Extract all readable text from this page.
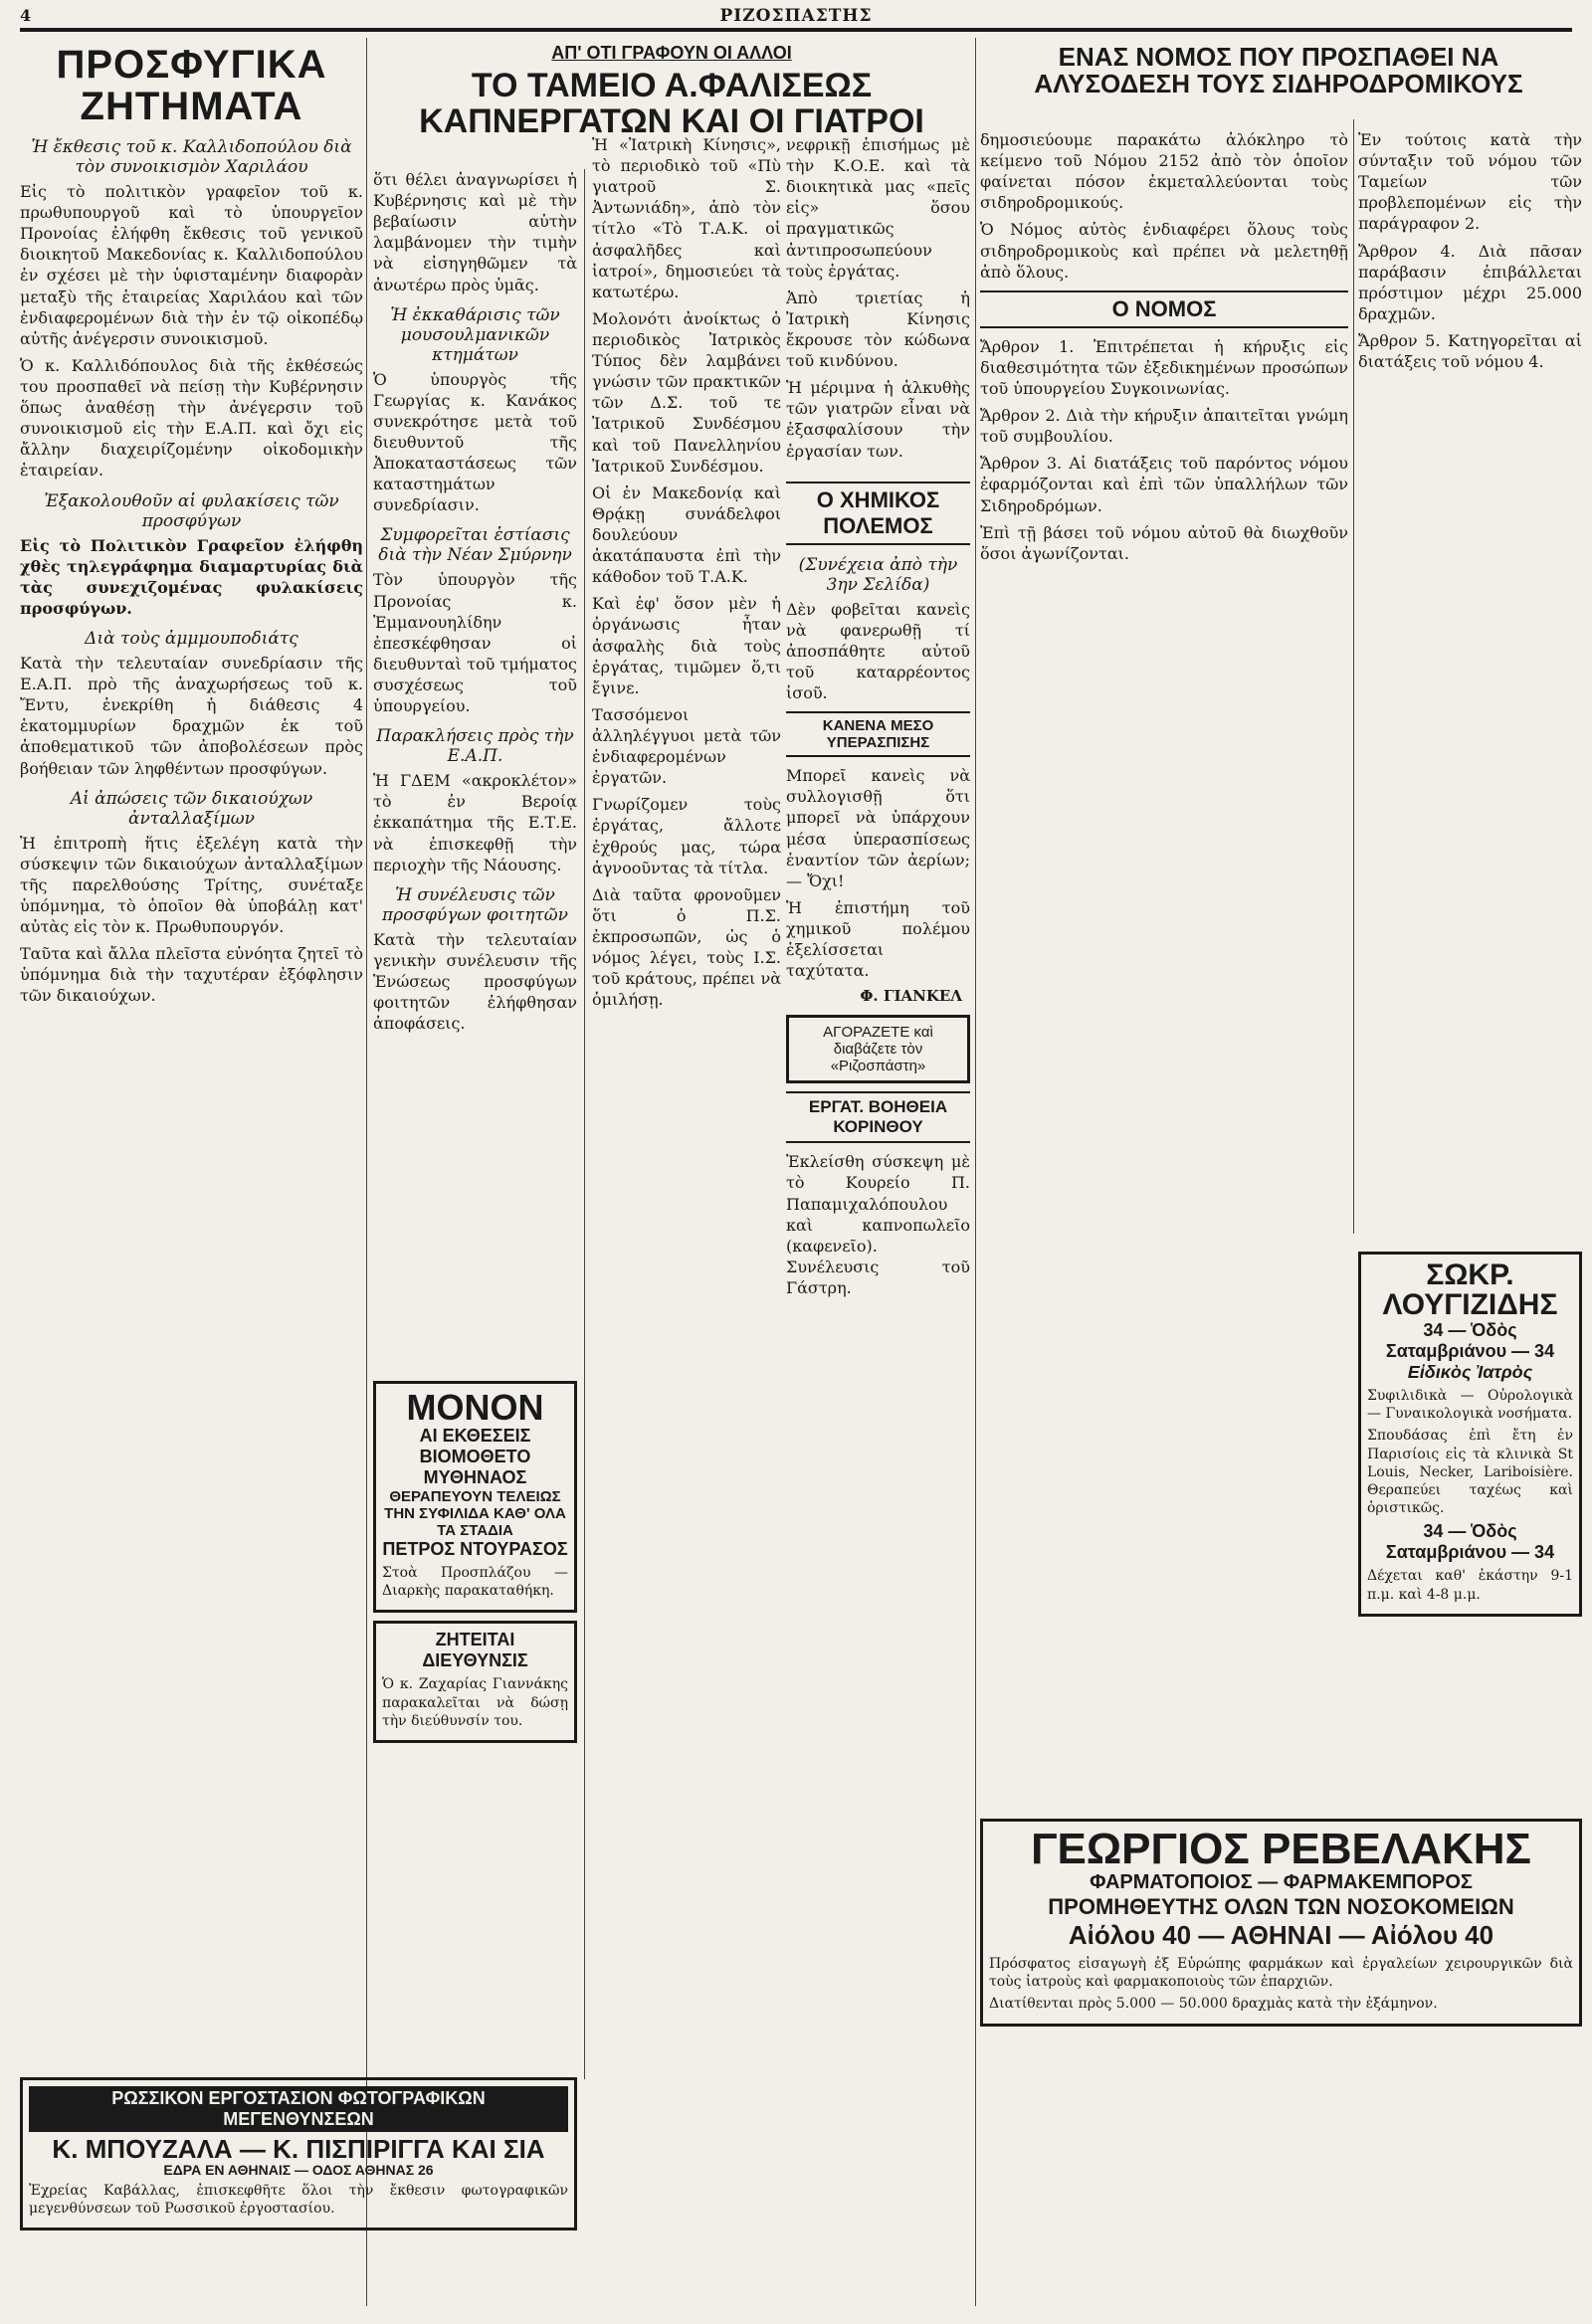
4	ΡΙΖΟΣΠΑΣΤΗΣ
ΠΡΟΣΦΥΓΙΚΑ ΖΗΤΗΜΑΤΑ
Ἡ ἔκθεσις τοῦ κ. Καλλιδοπούλου διὰ τὸν συνοικισμὸν Χαριλάου

Εἰς τὸ πολιτικὸν γραφεῖον τοῦ κ. πρωθυπουργοῦ καὶ τὸ ὑπουργεῖον Προνοίας ἐλήφθη ἔκθεσις τοῦ γενικοῦ διοικητοῦ Μακεδονίας κ. Καλλιδοπούλου ἐν σχέσει μὲ τὴν ὑφισταμένην διαφορὰν μεταξὺ τῆς ἑταιρείας Χαριλάου καὶ τῶν ἐνδιαφερομένων διὰ τὴν ἐν τῷ οἰκοπέδῳ αὐτῆς ἀνέγερσιν συνοικισμοῦ.

Ὁ κ. Καλλιδόπουλος διὰ τῆς ἐκθέσεώς του προσπαθεῖ νὰ πείσῃ τὴν Κυβέρνησιν ὅπως ἀναθέσῃ τὴν ἀνέγερσιν τοῦ συνοικισμοῦ εἰς τὴν Ε.Α.Π. καὶ ὄχι εἰς ἄλλην διαχειρίζομένην οἰκοδομικὴν ἑταιρείαν.

Ἐξακολουθοῦν αἱ φυλακίσεις τῶν προσφύγων

Εἰς τὸ Πολιτικὸν Γραφεῖον ἐλήφθη χθὲς τηλεγράφημα διαμαρτυρίας διὰ τὰς συνεχιζομένας φυλακίσεις προσφύγων.

Διὰ τοὺς ἀμμμουποδιάτς

Κατὰ τὴν τελευταίαν συνεδρίασιν τῆς Ε.Α.Π. πρὸ τῆς ἀναχωρήσεως τοῦ κ. Ἔντυ, ἐνεκρίθη ἡ διάθεσις 4 ἑκατομμυρίων δραχμῶν ἐκ τοῦ ἀποθεματικοῦ τῶν ἀποβολέσεων πρὸς βοήθειαν τῶν ληφθέντων προσφύγων.

Αἱ ἀπώσεις τῶν δικαιούχων ἀνταλλαξίμων

Ἡ ἐπιτροπὴ ἥτις ἐξελέγη κατὰ τὴν σύσκεψιν τῶν δικαιούχων ἀνταλλαξίμων τῆς παρελθούσης Τρίτης, συνέταξε ὑπόμνημα, τὸ ὁποῖον θὰ ὑποβάλῃ κατ' αὐτὰς εἰς τὸν κ. Πρωθυπουργόν.

Ταῦτα καὶ ἄλλα πλεῖστα εὐνόητα ζητεῖ τὸ ὑπόμνημα διὰ τὴν ταχυτέραν ἐξόφλησιν τῶν δικαιούχων.

ὅτι θέλει ἀναγνωρίσει ἡ Κυβέρνησις καὶ μὲ τὴν βεβαίωσιν αὐτὴν λαμβάνομεν τὴν τιμὴν νὰ εἰσηγηθῶμεν τὰ ἀνωτέρω πρὸς ὑμᾶς.

Ἡ ἐκκαθάρισις τῶν μουσουλμανικῶν κτημάτων

Ὁ ὑπουργὸς τῆς Γεωργίας κ. Κανάκος συνεκρότησε μετὰ τοῦ διευθυντοῦ τῆς Ἀποκαταστάσεως τῶν καταστημάτων συνεδρίασιν.

Συμφορεῖται ἑστίασις διὰ τὴν Νέαν Σμύρνην

Τὸν ὑπουργὸν τῆς Προνοίας κ. Ἐμμανουηλίδην ἐπεσκέφθησαν οἱ διευθυνταὶ τοῦ τμήματος συσχέσεως τοῦ ὑπουργείου.

Παρακλήσεις πρὸς τὴν Ε.Α.Π.

Ἡ ΓΔΕΜ «ακροκλέτον» τὸ ἐν Βεροίᾳ ἐκκαπάτημα τῆς Ε.Τ.Ε. νὰ ἐπισκεφθῇ τὴν περιοχὴν τῆς Νάουσης.

Ἡ συνέλευσις τῶν προσφύγων φοιτητῶν

Κατὰ τὴν τελευταίαν γενικὴν συνέλευσιν τῆς Ἑνώσεως προσφύγων φοιτητῶν ἐλήφθησαν ἀποφάσεις.

ΜΟΝΟΝ
ΑΙ ΕΚΘΕΣΕΙΣ ΒΙΟΜΟΘΕΤΟ ΜΥΘΗΝΑΟΣ
ΘΕΡΑΠΕΥΟΥΝ ΤΕΛΕΙΩΣ ΤΗΝ ΣΥΦΙΛΙΔΑ ΚΑΘ' ΟΛΑ ΤΑ ΣΤΑΔΙΑ
ΠΕΤΡΟΣ ΝΤΟΥΡΑΣΟΣ

Στοὰ Προσπλάζου — Διαρκὴς παρακαταθήκη.

ΖΗΤΕΙΤΑΙ ΔΙΕΥΘΥΝΣΙΣ

Ὁ κ. Ζαχαρίας Γιαννάκης παρακαλεῖται νὰ δώσῃ τὴν διεύθυνσίν του.

ΡΩΣΣΙΚΟΝ ΕΡΓΟΣΤΑΣΙΟΝ ΦΩΤΟΓΡΑΦΙΚΩΝ ΜΕΓΕΝΘΥΝΣΕΩΝ
Κ. ΜΠΟΥΖΑΛΑ — Κ. ΠΙΣΠΙΡΙΓΓΑ ΚΑΙ ΣΙΑ
ΕΔΡΑ ΕΝ ΑΘΗΝΑΙΣ — ΟΔΟΣ ΑΘΗΝΑΣ 26

Ἐχρείας Καβάλλας, ἐπισκεφθῆτε ὅλοι τὴν ἔκθεσιν φωτογραφικῶν μεγενθύνσεων τοῦ Ρωσσικοῦ ἐργοστασίου.

ΑΠ' ΟΤΙ ΓΡΑΦΟΥΝ ΟΙ ΑΛΛΟΙ
ΤΟ ΤΑΜΕΙΟ Α.ΦΑΛΙΣΕΩΣ ΚΑΠΝΕΡΓΑΤΩΝ ΚΑΙ ΟΙ ΓΙΑΤΡΟΙ

Ἡ «Ἰατρικὴ Κίνησις», τὸ περιοδικὸ τοῦ «Πὺ γιατροῦ Σ. Ἀντωνιάδη», ἀπὸ τὸν τίτλο «Τὸ Τ.Α.Κ. οἱ ἀσφαλῆδες καὶ ἰατροί», δημοσιεύει τὰ κατωτέρω.

Μολονότι ἀνοίκτως ὁ περιοδικὸς Ἰατρικὸς Τύπος δὲν λαμβάνει γνώσιν τῶν πρακτικῶν τῶν Δ.Σ. τοῦ τε Ἰατρικοῦ Συνδέσμου καὶ τοῦ Πανελληνίου Ἰατρικοῦ Συνδέσμου.

Οἱ ἐν Μακεδονίᾳ καὶ Θρᾴκῃ συνάδελφοι δουλεύουν ἀκατάπαυστα ἐπὶ τὴν κάθοδον τοῦ Τ.Α.Κ.

Καὶ ἐφ' ὅσον μὲν ἡ ὀργάνωσις ἦταν ἀσφαλὴς διὰ τοὺς ἐργάτας, τιμῶμεν ὅ,τι ἔγινε.

Τασσόμενοι ἀλληλέγγυοι μετὰ τῶν ἐνδιαφερομένων ἐργατῶν.

Γνωρίζομεν τοὺς ἐργάτας, ἄλλοτε ἐχθρούς μας, τώρα ἀγνοοῦντας τὰ τίτλα.

Διὰ ταῦτα φρονοῦμεν ὅτι ὁ Π.Σ. ἐκπροσωπῶν, ὡς ὁ νόμος λέγει, τοὺς Ι.Σ. τοῦ κράτους, πρέπει νὰ ὁμιλήσῃ.

νεφρικῇ ἐπισήμως μὲ τὴν Κ.Ο.Ε. καὶ τὰ διοικητικὰ μας «πεῖς εἰς» ὅσου πραγματικῶς ἀντιπροσωπεύουν τοὺς ἐργάτας.

Ἀπὸ τριετίας ἡ Ἰατρικὴ Κίνησις ἔκρουσε τὸν κώδωνα τοῦ κινδύνου.

Ἡ μέριμνα ἡ ἀλκυθὴς τῶν γιατρῶν εἶναι νὰ ἐξασφαλίσουν τὴν ἐργασίαν των.

Ο ΧΗΜΙΚΟΣ ΠΟΛΕΜΟΣ
(Συνέχεια ἀπὸ τὴν 3ην Σελίδα)

Δὲν φοβεῖται κανεὶς νὰ φανερωθῇ τί ἀποσπάθητε αὐτοῦ τοῦ καταρρέοντος ἰσοῦ.

ΚΑΝΕΝΑ ΜΕΣΟ ΥΠΕΡΑΣΠΙΣΗΣ

Μπορεῖ κανεὶς νὰ συλλογισθῇ ὅτι μπορεῖ νὰ ὑπάρχουν μέσα ὑπερασπίσεως ἐναντίον τῶν ἀερίων; — Ὄχι!

Ἡ ἐπιστήμη τοῦ χημικοῦ πολέμου ἐξελίσσεται ταχύτατα.

Φ. ΓΙΑΝΚΕΛ
ΑΓΟΡΑΖΕΤΕ καὶ διαβάζετε τὸν «Ριζοσπάστη»
ΕΡΓΑΤ. ΒΟΗΘΕΙΑ ΚΟΡΙΝΘΟΥ

Ἐκλείσθη σύσκεψη μὲ τὸ Κουρείο Π. Παπαμιχαλόπουλου καὶ καπνοπωλεῖο (καφενεῖο). Συνέλευσις τοῦ Γάστρη.

ΕΝΑΣ ΝΟΜΟΣ ΠΟΥ ΠΡΟΣΠΑΘΕΙ ΝΑ ΑΛΥΣΟΔΕΣΗ ΤΟΥΣ ΣΙΔΗΡΟΔΡΟΜΙΚΟΥΣ

δημοσιεύουμε παρακάτω ἀλόκληρο τὸ κείμενο τοῦ Νόμου 2152 ἀπὸ τὸν ὁποῖον φαίνεται πόσον ἐκμεταλλεύονται τοὺς σιδηροδρομικούς.

Ὁ Νόμος αὐτὸς ἐνδιαφέρει ὅλους τοὺς σιδηροδρομικοὺς καὶ πρέπει νὰ μελετηθῇ ἀπὸ ὅλους.

Ο ΝΟΜΟΣ

Ἄρθρον 1. Ἐπιτρέπεται ἡ κήρυξις εἰς διαθεσιμότητα τῶν ἐξεδικημένων προσώπων τοῦ ὑπουργείου Συγκοινωνίας.

Ἄρθρον 2. Διὰ τὴν κήρυξιν ἀπαιτεῖται γνώμη τοῦ συμβουλίου.

Ἄρθρον 3. Αἱ διατάξεις τοῦ παρόντος νόμου ἐφαρμόζονται καὶ ἐπὶ τῶν ὑπαλλήλων τῶν Σιδηροδρόμων.

Ἐπὶ τῇ βάσει τοῦ νόμου αὐτοῦ θὰ διωχθοῦν ὅσοι ἀγωνίζονται.

Ἐν τούτοις κατὰ τὴν σύνταξιν τοῦ νόμου τῶν Ταμείων τῶν προβλεπομένων εἰς τὴν παράγραφον 2.

Ἄρθρον 4. Διὰ πᾶσαν παράβασιν ἐπιβάλλεται πρόστιμον μέχρι 25.000 δραχμῶν.

Ἄρθρον 5. Κατηγορεῖται αἱ διατάξεις τοῦ νόμου 4.

ΣΩΚΡ. ΛΟΥΓΙΖΙΔΗΣ
34 — Ὁδὸς Σαταμβριάνου — 34
Εἰδικὸς Ἰατρὸς

Συφιλιδικὰ — Οὐρολογικὰ — Γυναικολογικὰ νοσήματα.

Σπουδάσας ἐπὶ ἔτη ἐν Παρισίοις εἰς τὰ κλινικὰ St Louis, Necker, Lariboisière. Θεραπεύει ταχέως καὶ ὁριστικῶς.

34 — Ὁδὸς Σαταμβριάνου — 34

Δέχεται καθ' ἑκάστην 9-1 π.μ. καὶ 4-8 μ.μ.

ΓΕΩΡΓΙΟΣ ΡΕΒΕΛΑΚΗΣ
ΦΑΡΜΑΤΟΠΟΙΟΣ — ΦΑΡΜΑΚΕΜΠΟΡΟΣ
ΠΡΟΜΗΘΕΥΤΗΣ ΟΛΩΝ ΤΩΝ ΝΟΣΟΚΟΜΕΙΩΝ
Αἰόλου 40 — ΑΘΗΝΑΙ — Αἰόλου 40

Πρόσφατος εἰσαγωγὴ ἐξ Εὐρώπης φαρμάκων καὶ ἐργαλείων χειρουργικῶν διὰ τοὺς ἰατροὺς καὶ φαρμακοποιοὺς τῶν ἐπαρχιῶν.

Διατίθενται πρὸς 5.000 — 50.000 δραχμὰς κατὰ τὴν ἐξάμηνον.
